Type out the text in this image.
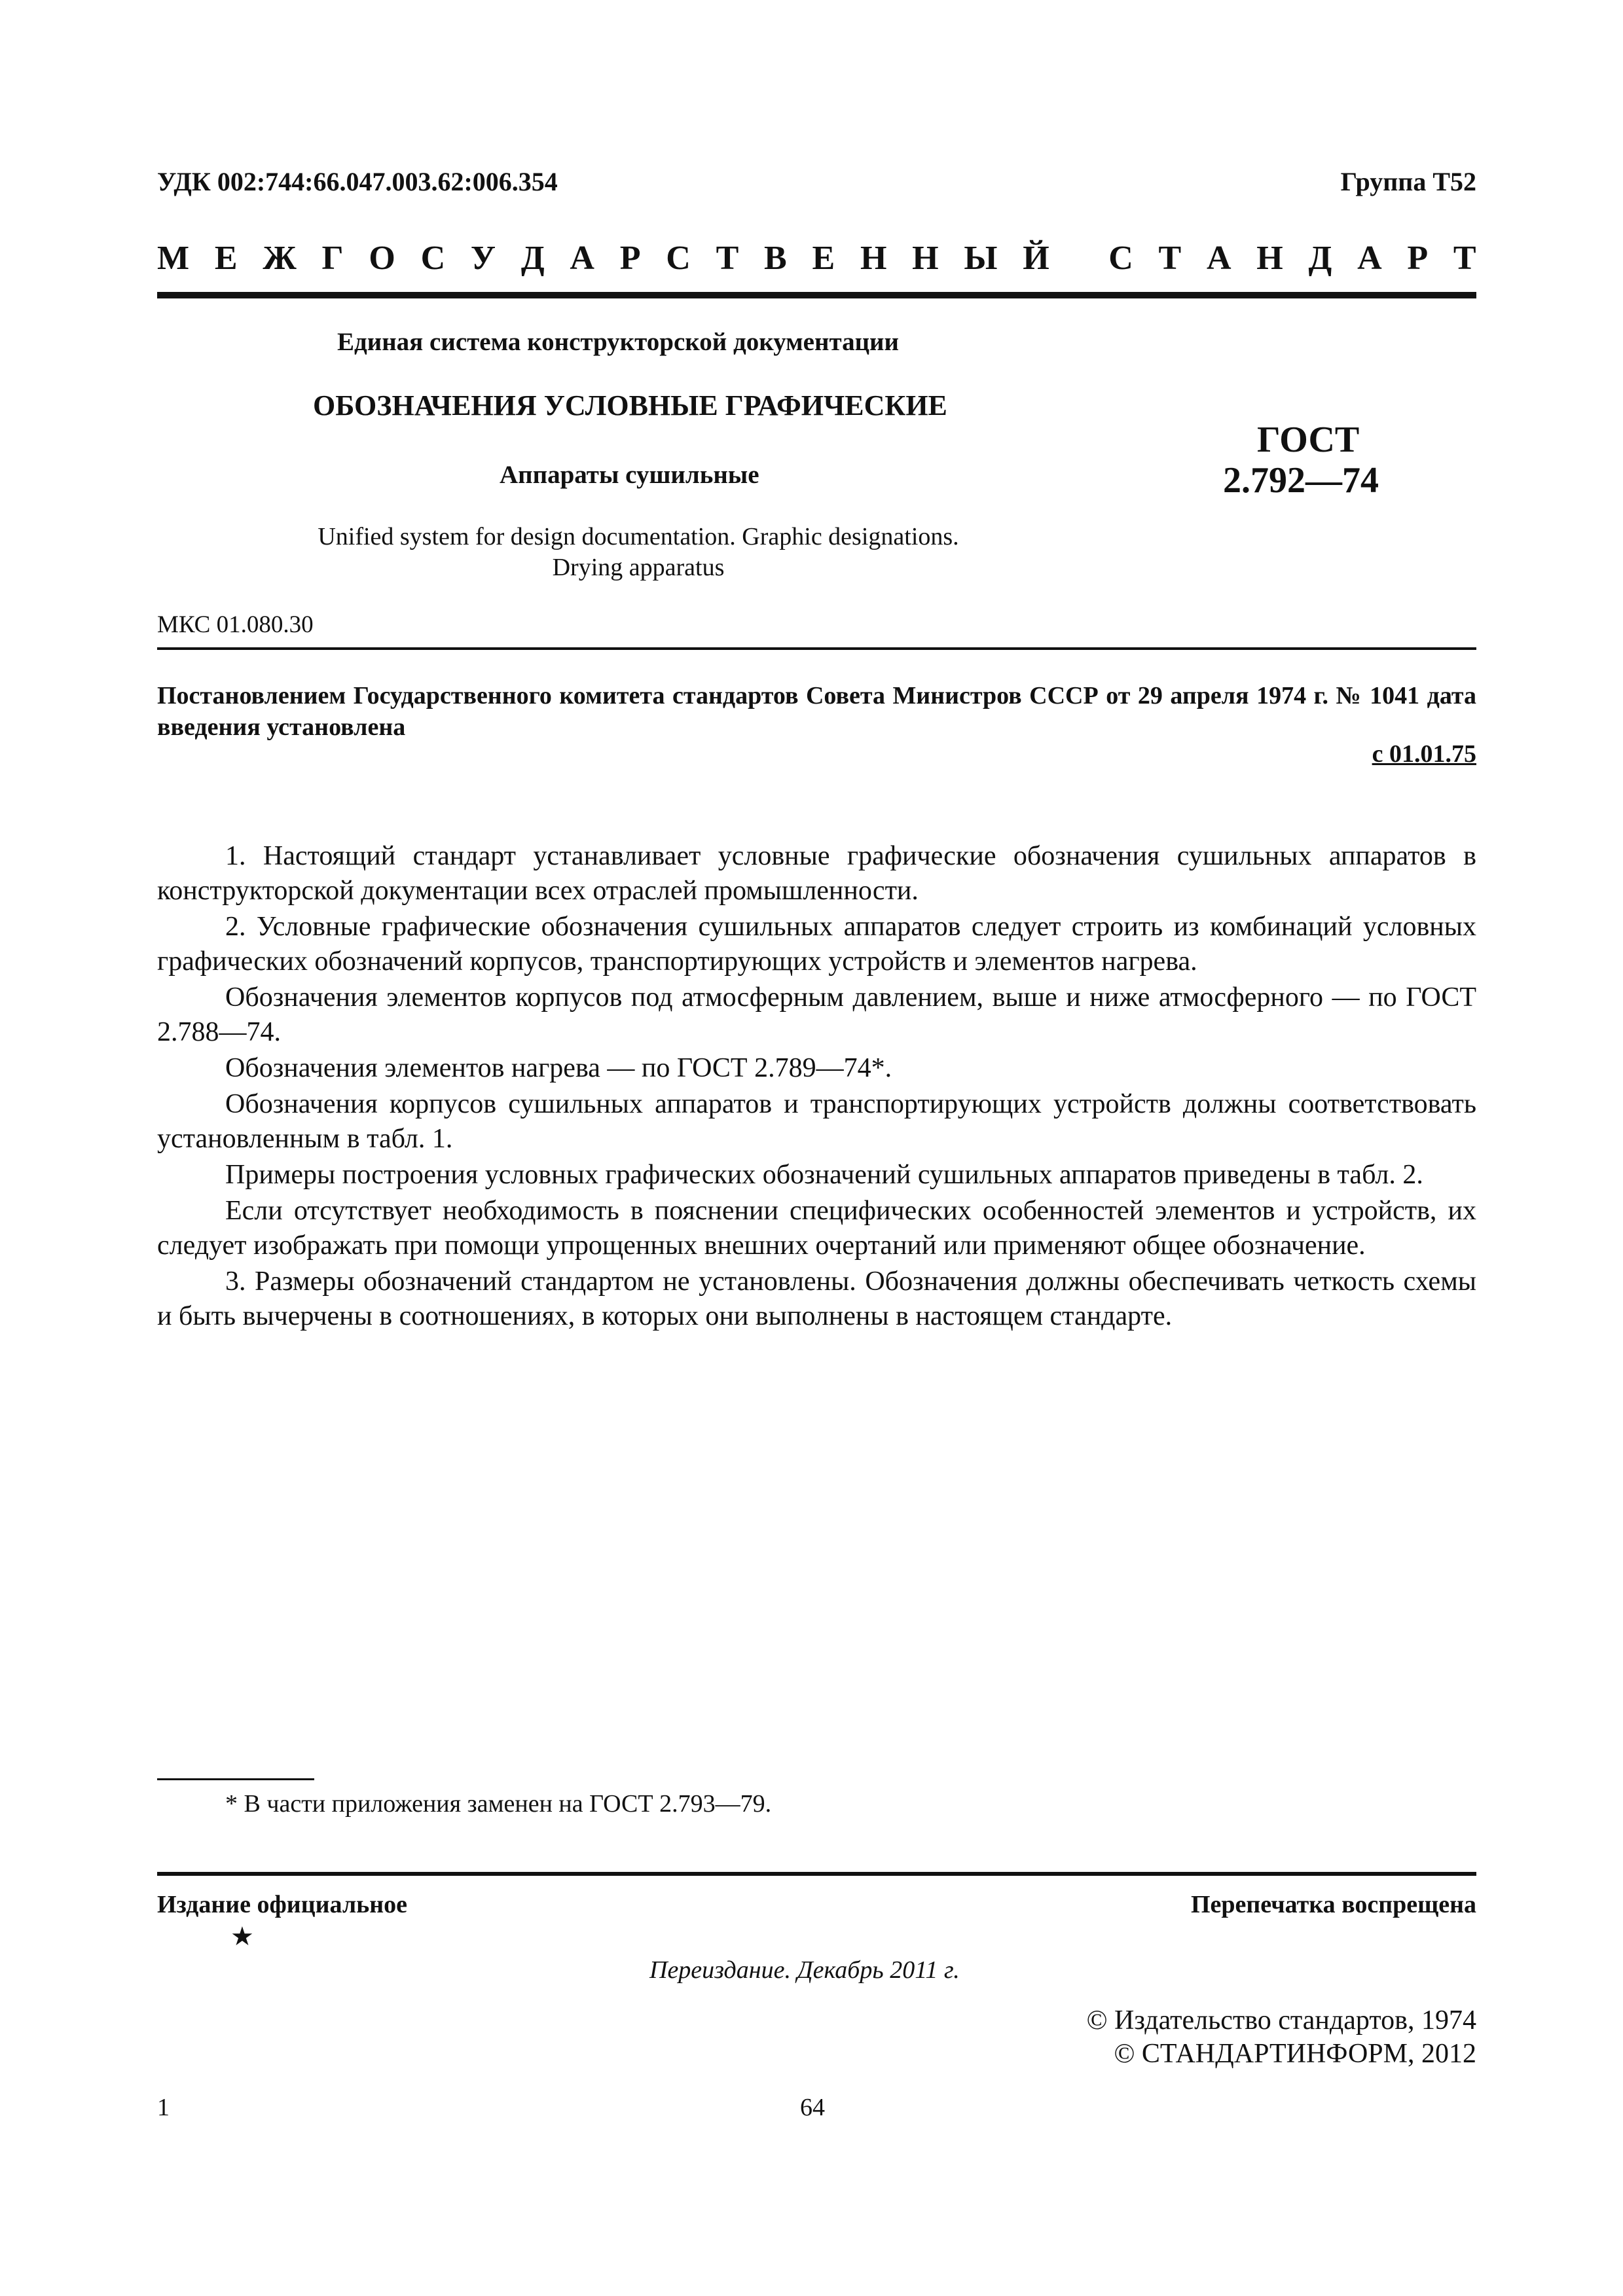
УДК 002:744:66.047.003.62:006.354	Группа Т52
М Е Ж Г О С У Д А Р С Т В Е Н Н Ы Й
С Т А Н Д А Р Т
Единая система конструкторской документации
ОБОЗНАЧЕНИЯ УСЛОВНЫЕ ГРАФИЧЕСКИЕ
Аппараты сушильные
ГОСТ
2.792—74
Unified system for design documentation. Graphic designations.
Drying apparatus
МКС 01.080.30
Постановлением Государственного комитета стандартов Совета Министров СССР от 29 апреля 1974 г. № 1041 дата введения установлена
с 01.01.75

1. Настоящий стандарт устанавливает условные графические обозначения сушильных аппаратов в конструкторской документации всех отраслей промышленности.

2. Условные графические обозначения сушильных аппаратов следует строить из комбинаций условных графических обозначений корпусов, транспортирующих устройств и элементов нагрева.

Обозначения элементов корпусов под атмосферным давлением, выше и ниже атмосферного — по ГОСТ 2.788—74.

Обозначения элементов нагрева — по ГОСТ 2.789—74*.

Обозначения корпусов сушильных аппаратов и транспортирующих устройств должны соответствовать установленным в табл. 1.

Примеры построения условных графических обозначений сушильных аппаратов приведены в табл. 2.

Если отсутствует необходимость в пояснении специфических особенностей элементов и устройств, их следует изображать при помощи упрощенных внешних очертаний или применяют общее обозначение.

3. Размеры обозначений стандартом не установлены. Обозначения должны обеспечивать четкость схемы и быть вычерчены в соотношениях, в которых они выполнены в настоящем стандарте.

* В части приложения заменен на ГОСТ 2.793—79.
Издание официальное	Перепечатка воспрещена
★
Переиздание. Декабрь 2011 г.
© Издательство стандартов, 1974
© СТАНДАРТИНФОРМ, 2012
1	64
